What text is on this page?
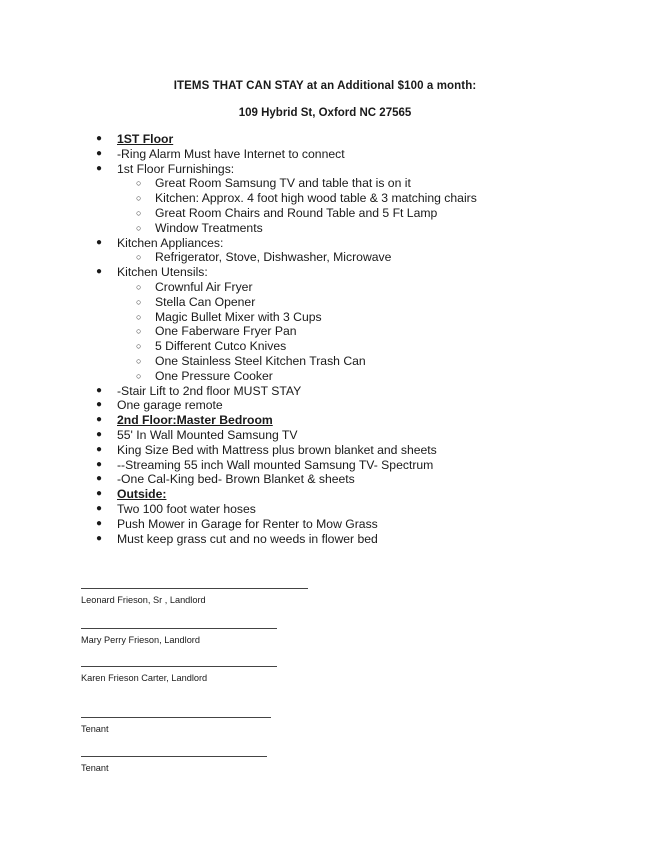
ITEMS THAT CAN STAY at an Additional $100 a month:
109 Hybrid St, Oxford NC 27565
● 1ST Floor
● -Ring Alarm Must have Internet to connect
● 1st Floor Furnishings:
○ Great Room Samsung TV and table that is on it
○ Kitchen: Approx. 4 foot high wood table & 3 matching chairs
○ Great Room Chairs and Round Table and 5 Ft Lamp
○ Window Treatments
● Kitchen Appliances:
○ Refrigerator, Stove, Dishwasher, Microwave
● Kitchen Utensils:
○ Crownful Air Fryer
○ Stella Can Opener
○ Magic Bullet Mixer with 3 Cups
○ One Faberware Fryer Pan
○ 5 Different Cutco Knives
○ One Stainless Steel Kitchen Trash Can
○ One Pressure Cooker
● -Stair Lift to 2nd floor MUST STAY
● One garage remote
● 2nd Floor:Master Bedroom
● 55' In Wall Mounted Samsung TV
● King Size Bed with Mattress plus brown blanket and sheets
● --Streaming 55 inch Wall mounted Samsung TV- Spectrum
● -One Cal-King bed- Brown Blanket & sheets
● Outside:
● Two 100 foot water hoses
● Push Mower in Garage for Renter to Mow Grass
● Must keep grass cut and no weeds in flower bed
Leonard Frieson, Sr , Landlord
Mary Perry Frieson, Landlord
Karen Frieson Carter, Landlord
Tenant
Tenant
